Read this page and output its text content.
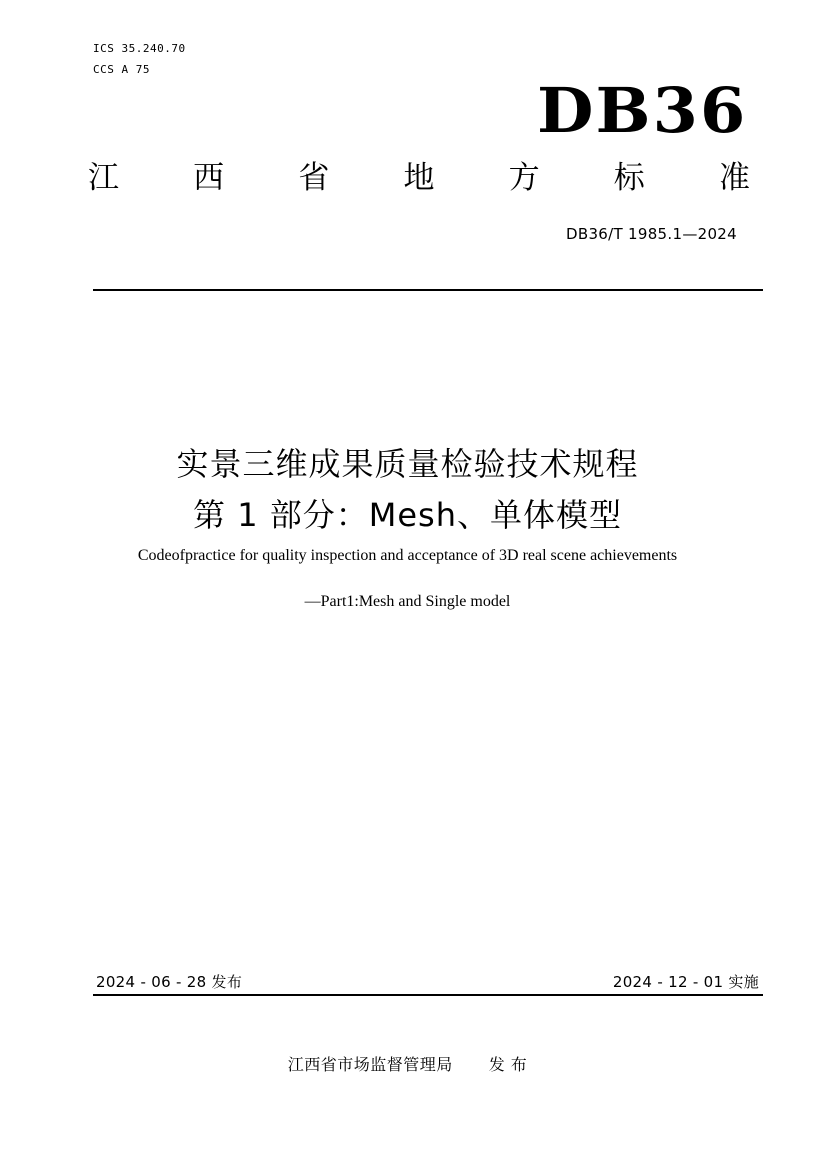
ICS 35.240.70
CCS A 75
DB36
江 西 省 地 方 标 准
DB36/T 1985.1—2024
实景三维成果质量检验技术规程
第 1 部分：Mesh、单体模型
Codeofpractice for quality inspection and acceptance of 3D real scene achievements
—Part1:Mesh and Single model
2024 - 06 - 28 发布	2024 - 12 - 01 实施
江西省市场监督管理局 发 布
